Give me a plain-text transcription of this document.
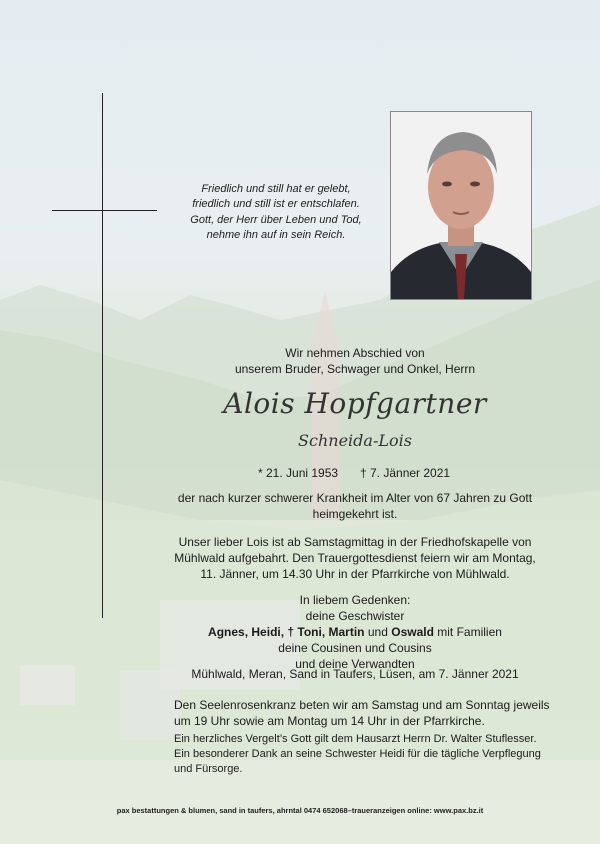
Friedlich und still hat er gelebt,
friedlich und still ist er entschlafen.
Gott, der Herr über Leben und Tod,
nehme ihn auf in sein Reich.
Wir nehmen Abschied von
unserem Bruder, Schwager und Onkel, Herrn
Alois Hopfgartner
Schneida-Lois
* 21. Juni 1953 † 7. Jänner 2021
der nach kurzer schwerer Krankheit im Alter von 67 Jahren zu Gott
heimgekehrt ist.
Unser lieber Lois ist ab Samstagmittag in der Friedhofskapelle von
Mühlwald aufgebahrt. Den Trauergottesdienst feiern wir am Montag,
11. Jänner, um 14.30 Uhr in der Pfarrkirche von Mühlwald.
In liebem Gedenken:
deine Geschwister
Agnes, Heidi, † Toni, Martin und Oswald mit Familien
deine Cousinen und Cousins
und deine Verwandten
Mühlwald, Meran, Sand in Taufers, Lüsen, am 7. Jänner 2021
Den Seelenrosenkranz beten wir am Samstag und am Sonntag jeweils
um 19 Uhr sowie am Montag um 14 Uhr in der Pfarrkirche.
Ein herzliches Vergelt’s Gott gilt dem Hausarzt Herrn Dr. Walter Stuflesser.
Ein besonderer Dank an seine Schwester Heidi für die tägliche Verpflegung
und Fürsorge.
pax bestattungen & blumen, sand in taufers, ahrntal 0474 652068–traueranzeigen online: www.pax.bz.it
